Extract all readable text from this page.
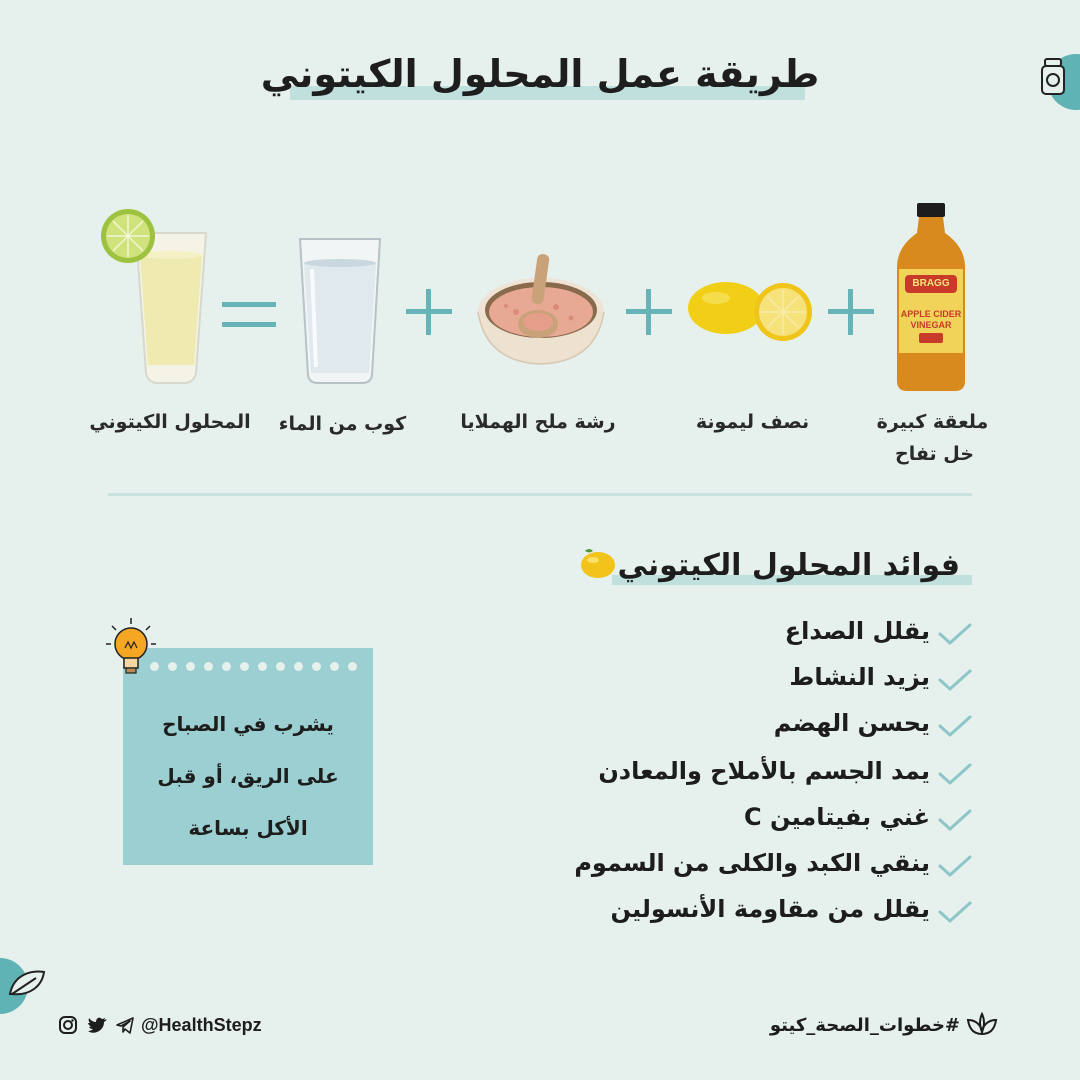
طريقة عمل المحلول الكيتوني
BRAGG
APPLE CIDER
VINEGAR
المحلول الكيتوني	كوب من الماء	رشة ملح الهملايا	نصف ليمونة	ملعقة كبيرة
خل تفاح
فوائد المحلول الكيتوني
يقلل الصداع
يزيد النشاط
يحسن الهضم
يمد الجسم بالأملاح والمعادن
غني بفيتامين C
ينقي الكبد والكلى من السموم
يقلل من مقاومة الأنسولين
يشرب في الصباح
على الريق، أو قبل
الأكل بساعة
@HealthStepz	#خطوات_الصحة_كيتو
